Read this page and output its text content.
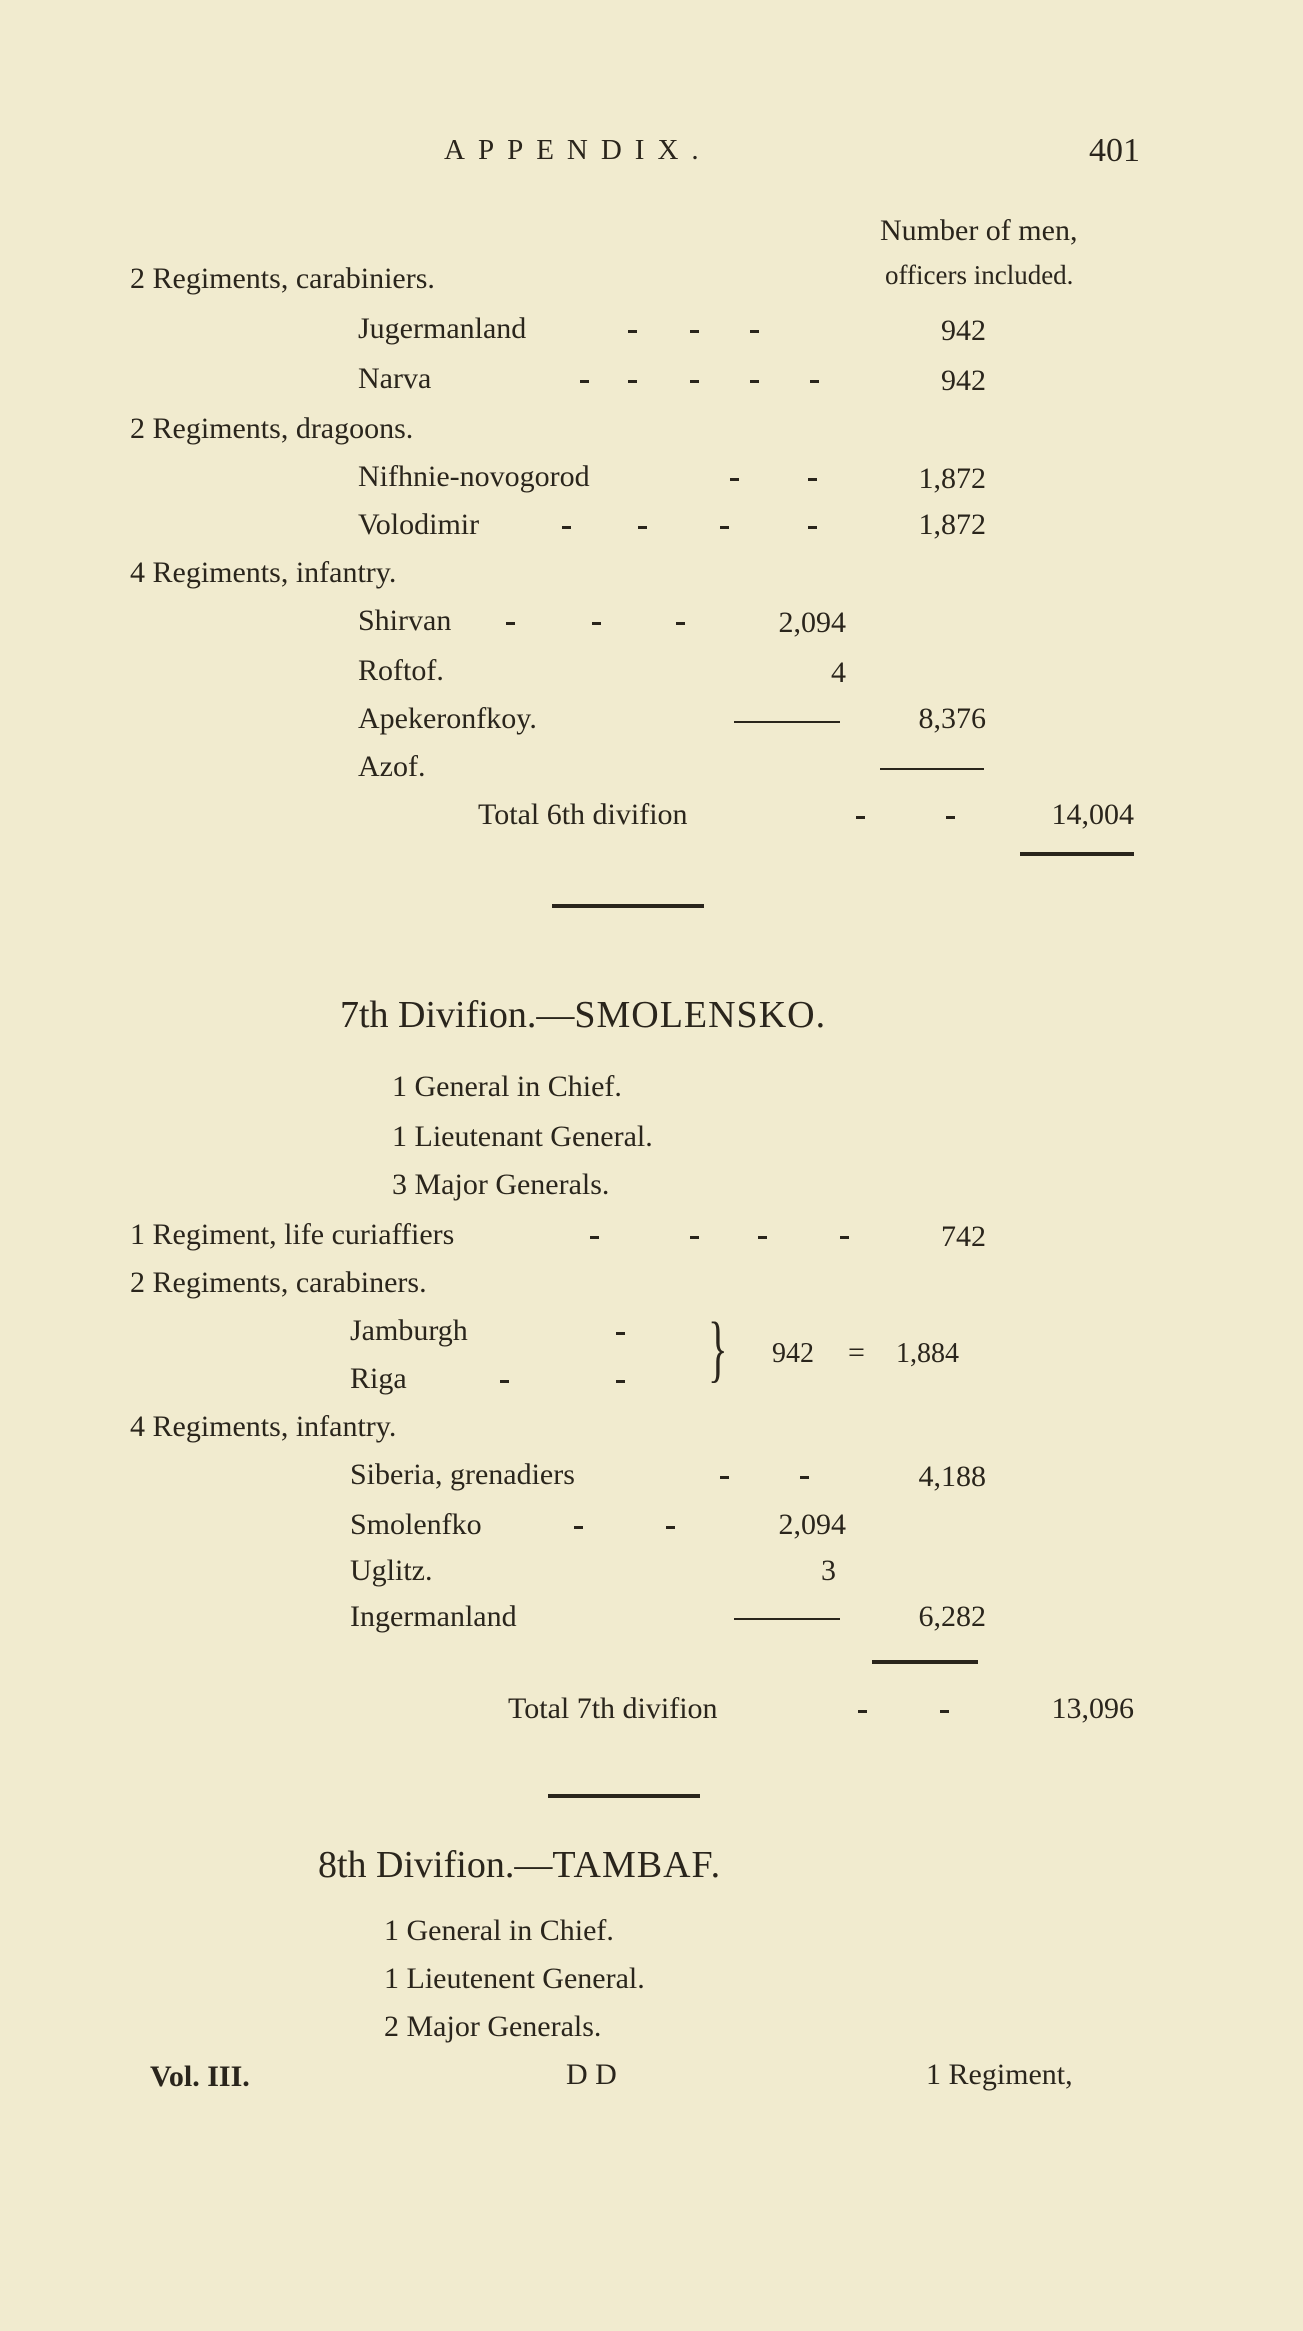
APPENDIX.	401
Number of men,
officers included.
2 Regiments, carabiniers.
Jugermanland	942
Narva	942
2 Regiments, dragoons.
Nifhnie-novogorod	1,872
Volodimir	1,872
4 Regiments, infantry.
Shirvan	2,094
Roftof.	4
Apekeronfkoy.	8,376
Azof.
Total 6th divifion	14,004
7th Divifion.—SMOLENSKO.
1 General in Chief.
1 Lieutenant General.
3 Major Generals.
1 Regiment, life curiaffiers	742
2 Regiments, carabiners.
Jamburgh
Riga	} 942 = 1,884
4 Regiments, infantry.
Siberia, grenadiers	4,188
Smolenfko	2,094
Uglitz.	3
Ingermanland	6,282
Total 7th divifion	13,096
8th Divifion.—TAMBAF.
1 General in Chief.
1 Lieutenent General.
2 Major Generals.
Vol. III.	D D	1 Regiment,
